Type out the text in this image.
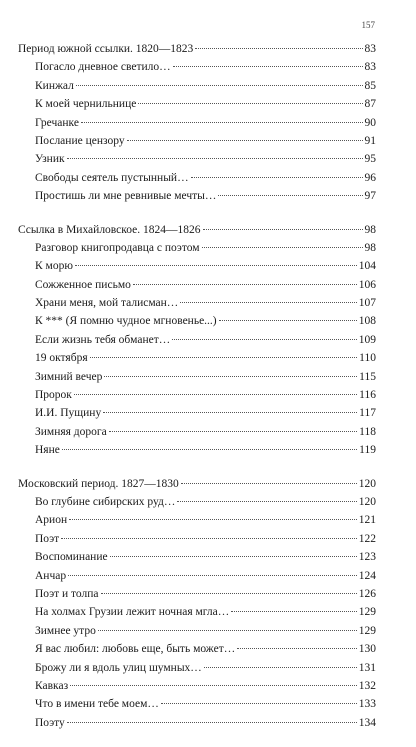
157
Период южной ссылки. 1820—1823	83
Погасло дневное светило…	83
Кинжал	85
К моей чернильнице	87
Гречанке	90
Послание цензору	91
Узник	95
Свободы сеятель пустынный…	96
Простишь ли мне ревнивые мечты…	97
Ссылка в Михайловское. 1824—1826	98
Разговор книгопродавца с поэтом	98
К морю	104
Сожженное письмо	106
Храни меня, мой талисман…	107
К *** (Я помню чудное мгновенье...)	108
Если жизнь тебя обманет…	109
19 октября	110
Зимний вечер	115
Пророк	116
И.И. Пущину	117
Зимняя дорога	118
Няне	119
Московский период. 1827—1830	120
Во глубине сибирских руд…	120
Арион	121
Поэт	122
Воспоминание	123
Анчар	124
Поэт и толпа	126
На холмах Грузии лежит ночная мгла…	129
Зимнее утро	129
Я вас любил: любовь еще, быть может…	130
Брожу ли я вдоль улиц шумных…	131
Кавказ	132
Что в имени тебе моем…	133
Поэту	134
